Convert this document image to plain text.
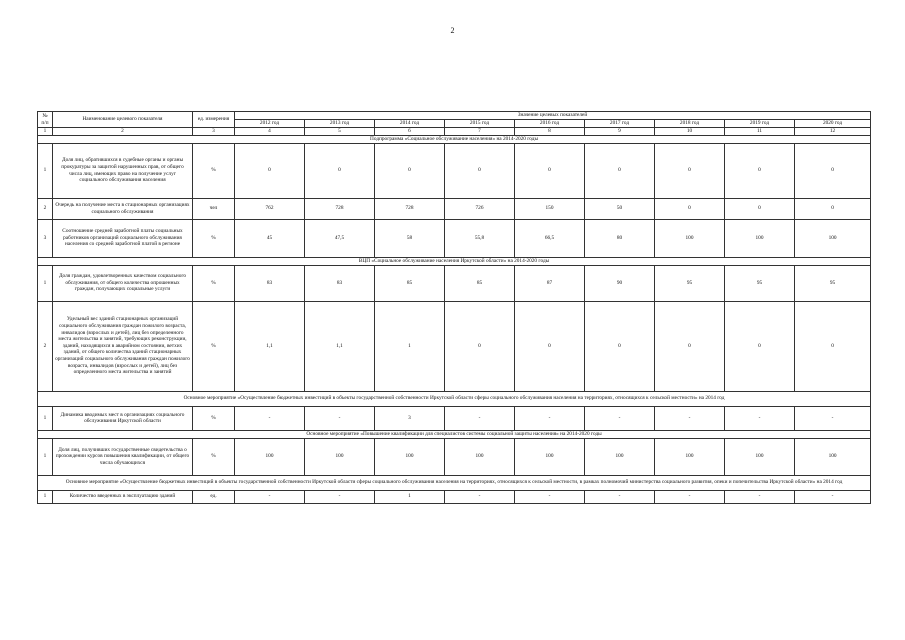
2
№ п/п	Наименование целевого показателя	ед. измерения	Значение целевых показателей								
			2012 год	2013 год	2014 год	2015 год	2016 год	2017 год	2018 год	2019 год	2020 год
1	2	3	4	5	6	7	8	9	10	11	12
Подпрограмма «Социальное обслуживание населения» на 2014-2020 годы											
1	Доля лиц, обратившихся в судебные органы и органы прокуратуры за защитой нарушенных прав, от общего числа лиц, имеющих право на получение услуг социального обслуживания населения	%	0	0	0	0	0	0	0	0	0
2	Очередь на получение места в стационарных организациях социального обслуживания	чел	762	728	728	726	150	50	0	0	0
3	Соотношение средней заработной платы социальных работников организаций социального обслуживания населения со средней заработной платой в регионе	%	45	47,5	58	55,8	66,5	80	100	100	100
ВЦП «Социальное обслуживание населения Иркутской области» на 2014-2020 годы											
1	Доля граждан, удовлетворенных качеством социального обслуживания, от общего количества опрошенных граждан, получающих социальные услуги	%	83	83	85	85	87	90	95	95	95
2	Удельный вес зданий стационарных организаций социального обслуживания граждан пожилого возраста, инвалидов (взрослых и детей), лиц без определенного места жительства и занятий, требующих реконструкции, зданий, находящихся в аварийном состоянии, ветхих зданий, от общего количества зданий стационарных организаций социального обслуживания граждан пожилого возраста, инвалидов (взрослых и детей), лиц без определенного места жительства и занятий	%	1,1	1,1	1	0	0	0	0	0	0
Основное мероприятие «Осуществление бюджетных инвестиций в объекты государственной собственности Иркутской области сферы социального обслуживания населения на территориях, относящихся к сельской местности» на 2014 год											
1	Динамика вводимых мест в организациях социального обслуживания Иркутской области	%	-	-	3	-	-	-	-	-	-
Основное мероприятие «Повышение квалификации для специалистов системы социальной защиты населения» на 2014-2020 годы											
1	Доля лиц, получивших государственные свидетельства о прохождении курсов повышения квалификации, от общего числа обучающихся	%	100	100	100	100	100	100	100	100	100
Основное мероприятие «Осуществление бюджетных инвестиций в объекты государственной собственности Иркутской области сферы социального обслуживания населения на территориях, относящихся к сельской местности, в рамках полномочий министерства социального развития, опеки и попечительства Иркутской области» на 2014 год											
1	Количество введенных в эксплуатацию зданий	ед.	-	-	1	-	-	-	-	-	-
